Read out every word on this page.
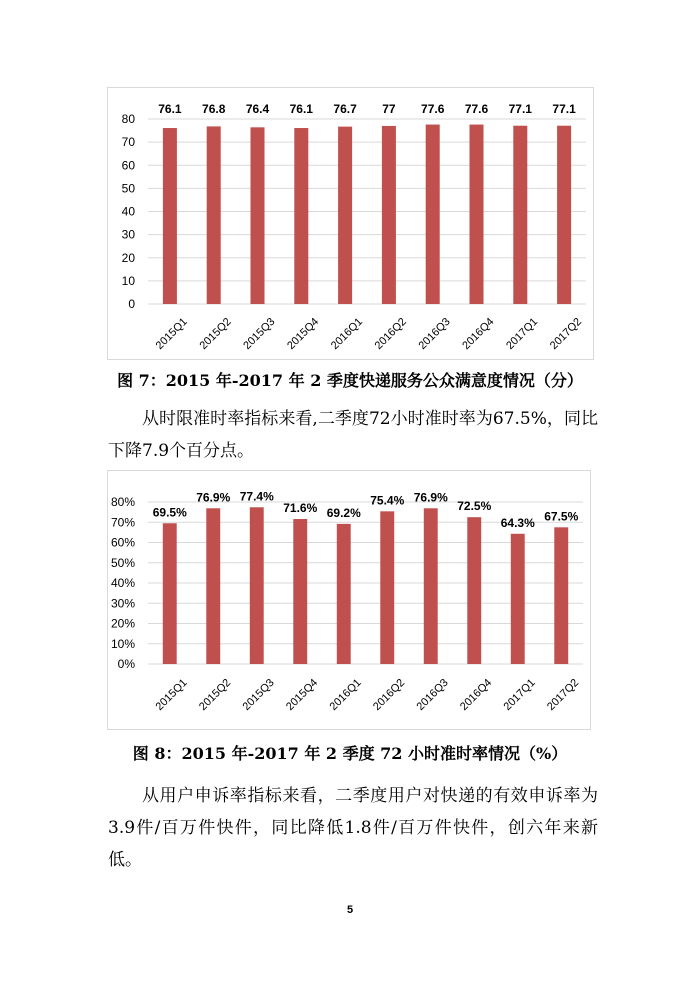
0
10
20
30
40
50
60
70
80
76.1
2015Q1
76.8
2015Q2
76.4
2015Q3
76.1
2015Q4
76.7
2016Q1
77
2016Q2
77.6
2016Q3
77.6
2016Q4
77.1
2017Q1
77.1
2017Q2
图 7：2015 年-2017 年 2 季度快递服务公众满意度情况（分）

从时限准时率指标来看,二季度72小时准时率为67.5%，同比下降7.9个百分点。

0%
10%
20%
30%
40%
50%
60%
70%
80%
69.5%
2015Q1
76.9%
2015Q2
77.4%
2015Q3
71.6%
2015Q4
69.2%
2016Q1
75.4%
2016Q2
76.9%
2016Q3
72.5%
2016Q4
64.3%
2017Q1
67.5%
2017Q2
图 8：2015 年-2017 年 2 季度 72 小时准时率情况（%）

从用户申诉率指标来看，二季度用户对快递的有效申诉率为3.9件/百万件快件，同比降低1.8件/百万件快件，创六年来新低。

5
